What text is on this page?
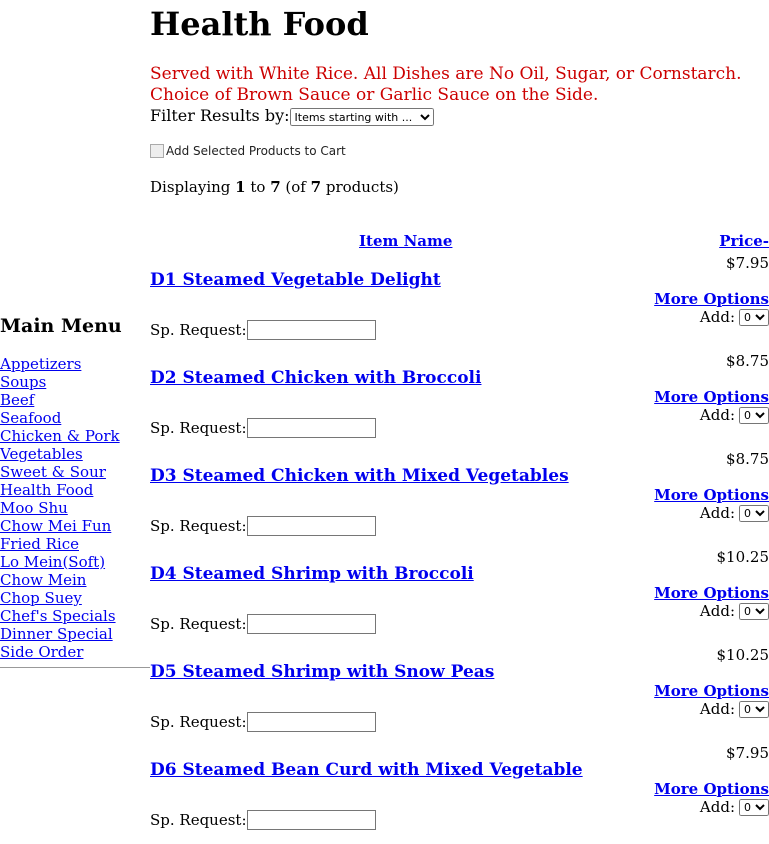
Main Menu
Appetizers
Soups
Beef
Seafood
Chicken & Pork
Vegetables
Sweet & Sour
Health Food
Moo Shu
Chow Mei Fun
Fried Rice
Lo Mein(Soft)
Chow Mein
Chop Suey
Chef's Specials
Dinner Special
Side Order
Health Food
Served with White Rice. All Dishes are No Oil, Sugar, or Cornstarch. Choice of Brown Sauce or Garlic Sauce on the Side.
Filter Results by:
Items starting with ...
Add Selected Products to Cart
Displaying 1 to 7 (of 7 products)
Item Name	Price-
$7.95
D1 Steamed Vegetable Delight
More Options
Add:
0
Sp. Request:
$8.75
D2 Steamed Chicken with Broccoli
More Options
Add:
0
Sp. Request:
$8.75
D3 Steamed Chicken with Mixed Vegetables
More Options
Add:
0
Sp. Request:
$10.25
D4 Steamed Shrimp with Broccoli
More Options
Add:
0
Sp. Request:
$10.25
D5 Steamed Shrimp with Snow Peas
More Options
Add:
0
Sp. Request:
$7.95
D6 Steamed Bean Curd with Mixed Vegetable
More Options
Add:
0
Sp. Request:
